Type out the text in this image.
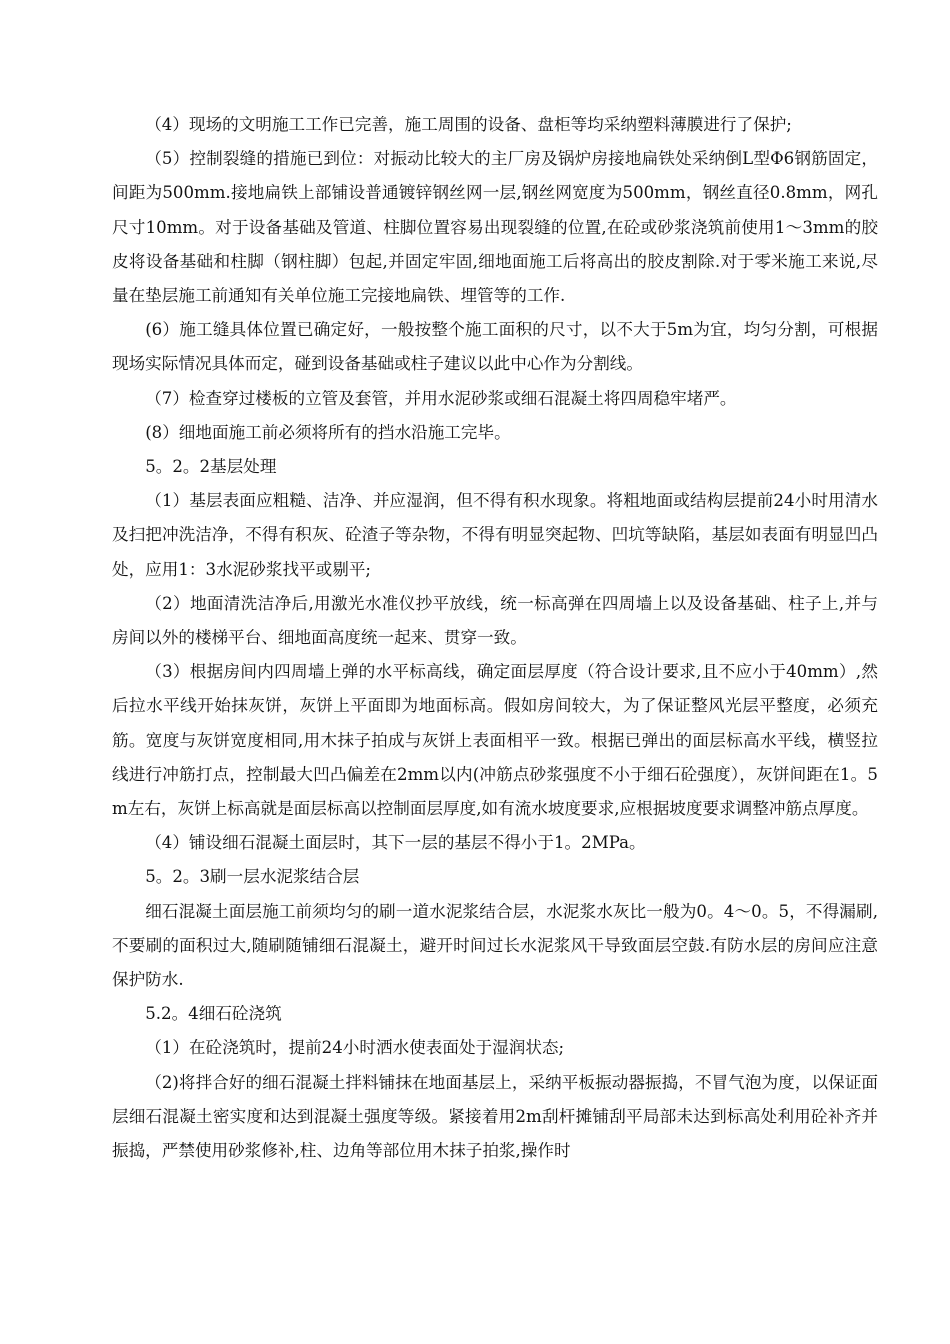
（4）现场的文明施工工作已完善，施工周围的设备、盘柜等均采纳塑料薄膜进行了保护;

（5）控制裂缝的措施已到位：对振动比较大的主厂房及锅炉房接地扁铁处采纳倒L型Φ6钢筋固定，间距为500mm.接地扁铁上部铺设普通镀锌钢丝网一层,钢丝网宽度为500mm，钢丝直径0.8mm，网孔尺寸10mm。对于设备基础及管道、柱脚位置容易出现裂缝的位置,在砼或砂浆浇筑前使用1～3mm的胶皮将设备基础和柱脚（钢柱脚）包起,并固定牢固,细地面施工后将高出的胶皮割除.对于零米施工来说,尽量在垫层施工前通知有关单位施工完接地扁铁、埋管等的工作.

(6）施工缝具体位置已确定好，一般按整个施工面积的尺寸，以不大于5m为宜，均匀分割，可根据现场实际情况具体而定，碰到设备基础或柱子建议以此中心作为分割线。

（7）检查穿过楼板的立管及套管，并用水泥砂浆或细石混凝土将四周稳牢堵严。

(8）细地面施工前必须将所有的挡水沿施工完毕。

5。2。2基层处理

（1）基层表面应粗糙、洁净、并应湿润，但不得有积水现象。将粗地面或结构层提前24小时用清水及扫把冲洗洁净，不得有积灰、砼渣子等杂物，不得有明显突起物、凹坑等缺陷，基层如表面有明显凹凸处，应用1：3水泥砂浆找平或剔平;

（2）地面清洗洁净后,用激光水准仪抄平放线，统一标高弹在四周墙上以及设备基础、柱子上,并与房间以外的楼梯平台、细地面高度统一起来、贯穿一致。

（3）根据房间内四周墙上弹的水平标高线，确定面层厚度（符合设计要求,且不应小于40mm）,然后拉水平线开始抹灰饼，灰饼上平面即为地面标高。假如房间较大，为了保证整风光层平整度，必须充筋。宽度与灰饼宽度相同,用木抹子拍成与灰饼上表面相平一致。根据已弹出的面层标高水平线，横竖拉线进行冲筋打点，控制最大凹凸偏差在2mm以内(冲筋点砂浆强度不小于细石砼强度），灰饼间距在1。5m左右，灰饼上标高就是面层标高以控制面层厚度,如有流水坡度要求,应根据坡度要求调整冲筋点厚度。

（4）铺设细石混凝土面层时，其下一层的基层不得小于1。2MPa。

5。2。3刷一层水泥浆结合层

细石混凝土面层施工前须均匀的刷一道水泥浆结合层，水泥浆水灰比一般为0。4～0。5，不得漏刷,不要刷的面积过大,随刷随铺细石混凝土，避开时间过长水泥浆风干导致面层空鼓.有防水层的房间应注意保护防水.

5.2。4细石砼浇筑

（1）在砼浇筑时，提前24小时洒水使表面处于湿润状态;

（2)将拌合好的细石混凝土拌料铺抹在地面基层上，采纳平板振动器振捣，不冒气泡为度，以保证面层细石混凝土密实度和达到混凝土强度等级。紧接着用2m刮杆摊铺刮平局部未达到标高处利用砼补齐并振捣，严禁使用砂浆修补,柱、边角等部位用木抹子拍浆,操作时
